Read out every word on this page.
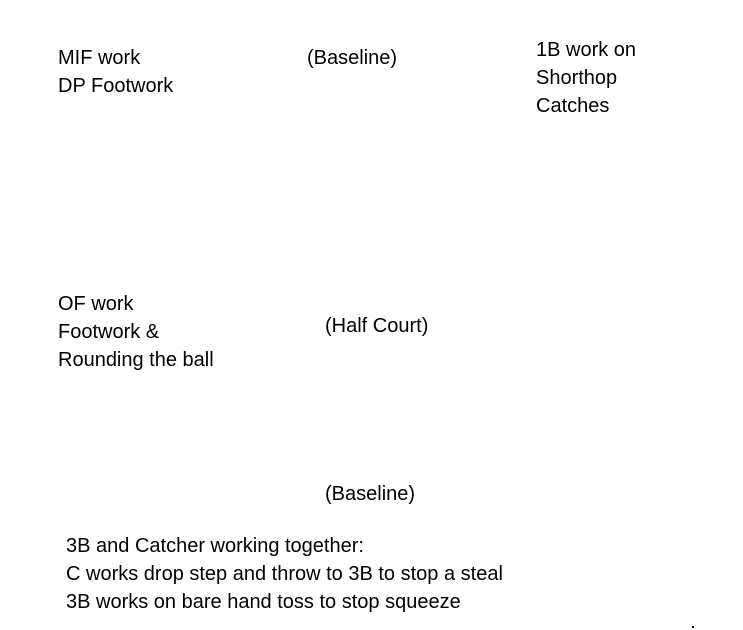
MIF work
DP Footwork
(Baseline)	1B work on
Shorthop
Catches
OF work
Footwork &
Rounding the ball
(Half Court)
(Baseline)
3B and Catcher working together:
C works drop step and throw to 3B to stop a steal
3B works on bare hand toss to stop squeeze
